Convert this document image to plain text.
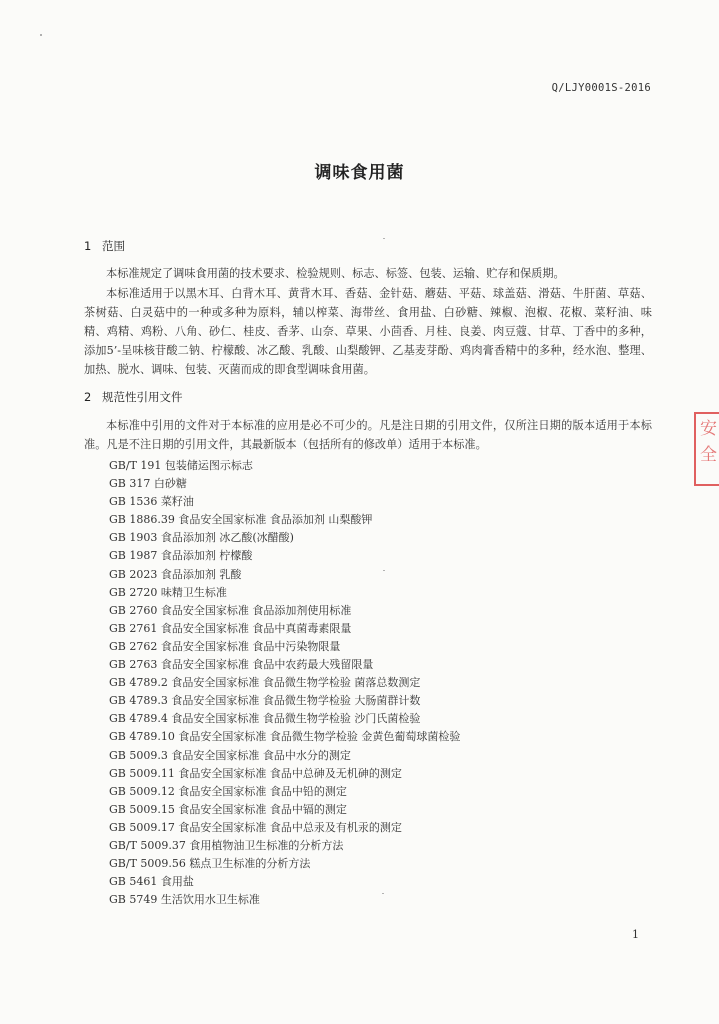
Q/LJY0001S-2016
调味食用菌
1 范围

本标准规定了调味食用菌的技术要求、检验规则、标志、标签、包装、运输、贮存和保质期。

本标准适用于以黑木耳、白背木耳、黄背木耳、香菇、金针菇、蘑菇、平菇、球盖菇、滑菇、牛肝菌、草菇、茶树菇、白灵菇中的一种或多种为原料，辅以榨菜、海带丝、食用盐、白砂糖、辣椒、泡椒、花椒、菜籽油、味精、鸡精、鸡粉、八角、砂仁、桂皮、香茅、山奈、草果、小茴香、月桂、良姜、肉豆蔻、甘草、丁香中的多种，添加5’-呈味核苷酸二钠、柠檬酸、冰乙酸、乳酸、山梨酸钾、乙基麦芽酚、鸡肉膏香精中的多种，经水泡、整理、加热、脱水、调味、包装、灭菌而成的即食型调味食用菌。

2 规范性引用文件

本标准中引用的文件对于本标准的应用是必不可少的。凡是注日期的引用文件，仅所注日期的版本适用于本标准。凡是不注日期的引用文件，其最新版本（包括所有的修改单）适用于本标准。

GB/T 191 包装储运图示标志
GB 317 白砂糖
GB 1536 菜籽油
GB 1886.39 食品安全国家标准 食品添加剂 山梨酸钾
GB 1903 食品添加剂 冰乙酸(冰醋酸)
GB 1987 食品添加剂 柠檬酸
GB 2023 食品添加剂 乳酸
GB 2720 味精卫生标准
GB 2760 食品安全国家标准 食品添加剂使用标准
GB 2761 食品安全国家标准 食品中真菌毒素限量
GB 2762 食品安全国家标准 食品中污染物限量
GB 2763 食品安全国家标准 食品中农药最大残留限量
GB 4789.2 食品安全国家标准 食品微生物学检验 菌落总数测定
GB 4789.3 食品安全国家标准 食品微生物学检验 大肠菌群计数
GB 4789.4 食品安全国家标准 食品微生物学检验 沙门氏菌检验
GB 4789.10 食品安全国家标准 食品微生物学检验 金黄色葡萄球菌检验
GB 5009.3 食品安全国家标准 食品中水分的测定
GB 5009.11 食品安全国家标准 食品中总砷及无机砷的测定
GB 5009.12 食品安全国家标准 食品中铅的测定
GB 5009.15 食品安全国家标准 食品中镉的测定
GB 5009.17 食品安全国家标准 食品中总汞及有机汞的测定
GB/T 5009.37 食用植物油卫生标准的分析方法
GB/T 5009.56 糕点卫生标准的分析方法
GB 5461 食用盐
GB 5749 生活饮用水卫生标准
1
安全
